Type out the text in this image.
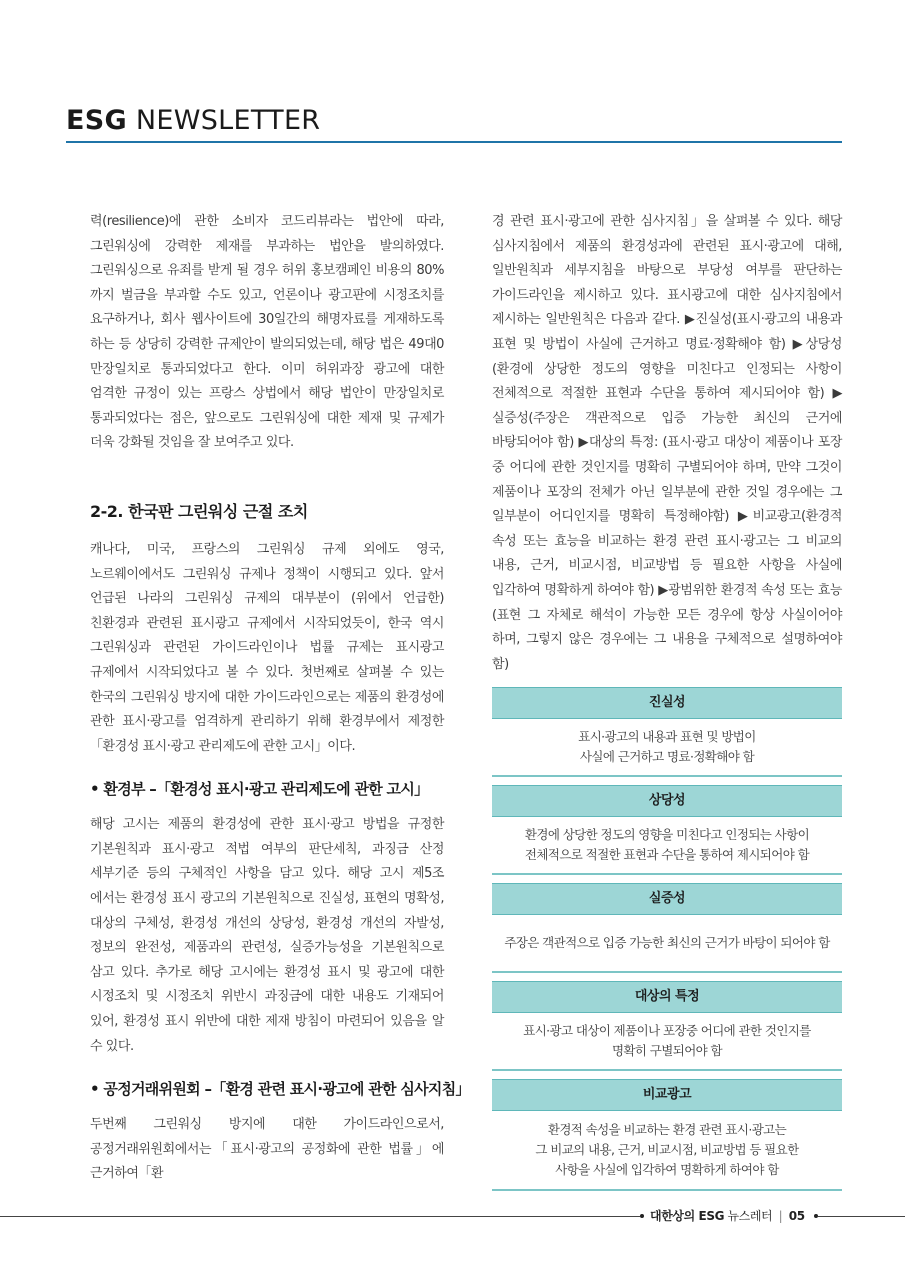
ESG NEWSLETTER

력(resilience)에 관한 소비자 코드리뷰라는 법안에 따라, 그린워싱에 강력한 제재를 부과하는 법안을 발의하였다. 그린워싱으로 유죄를 받게 될 경우 허위 홍보캠페인 비용의 80%까지 벌금을 부과할 수도 있고, 언론이나 광고판에 시정조치를 요구하거나, 회사 웹사이트에 30일간의 해명자료를 게재하도록 하는 등 상당히 강력한 규제안이 발의되었는데, 해당 법은 49대0 만장일치로 통과되었다고 한다. 이미 허위과장 광고에 대한 엄격한 규정이 있는 프랑스 상법에서 해당 법안이 만장일치로 통과되었다는 점은, 앞으로도 그린워싱에 대한 제재 및 규제가 더욱 강화될 것임을 잘 보여주고 있다.

2-2. 한국판 그린워싱 근절 조치

캐나다, 미국, 프랑스의 그린워싱 규제 외에도 영국, 노르웨이에서도 그린워싱 규제나 정책이 시행되고 있다. 앞서 언급된 나라의 그린워싱 규제의 대부분이 (위에서 언급한) 친환경과 관련된 표시광고 규제에서 시작되었듯이, 한국 역시 그린워싱과 관련된 가이드라인이나 법률 규제는 표시광고 규제에서 시작되었다고 볼 수 있다. 첫번째로 살펴볼 수 있는 한국의 그린워싱 방지에 대한 가이드라인으로는 제품의 환경성에 관한 표시·광고를 엄격하게 관리하기 위해 환경부에서 제정한「환경성 표시·광고 관리제도에 관한 고시」이다.

• 환경부 –「환경성 표시·광고 관리제도에 관한 고시」

해당 고시는 제품의 환경성에 관한 표시·광고 방법을 규정한 기본원칙과 표시·광고 적법 여부의 판단세칙, 과징금 산정 세부기준 등의 구체적인 사항을 담고 있다. 해당 고시 제5조 에서는 환경성 표시 광고의 기본원칙으로 진실성, 표현의 명확성, 대상의 구체성, 환경성 개선의 상당성, 환경성 개선의 자발성, 정보의 완전성, 제품과의 관련성, 실증가능성을 기본원칙으로 삼고 있다. 추가로 해당 고시에는 환경성 표시 및 광고에 대한 시정조치 및 시정조치 위반시 과징금에 대한 내용도 기재되어 있어, 환경성 표시 위반에 대한 제재 방침이 마련되어 있음을 알 수 있다.

• 공정거래위원회 –「환경 관련 표시·광고에 관한 심사지침」

두번째 그린워싱 방지에 대한 가이드라인으로서, 공정거래위원회에서는「표시·광고의 공정화에 관한 법률」에 근거하여「환

경 관련 표시·광고에 관한 심사지침」을 살펴볼 수 있다. 해당 심사지침에서 제품의 환경성과에 관련된 표시·광고에 대해, 일반원칙과 세부지침을 바탕으로 부당성 여부를 판단하는 가이드라인을 제시하고 있다. 표시광고에 대한 심사지침에서 제시하는 일반원칙은 다음과 같다. ▶진실성(표시·광고의 내용과 표현 및 방법이 사실에 근거하고 명료·정확해야 함) ▶상당성(환경에 상당한 정도의 영향을 미친다고 인정되는 사항이 전체적으로 적절한 표현과 수단을 통하여 제시되어야 함) ▶실증성(주장은 객관적으로 입증 가능한 최신의 근거에 바탕되어야 함) ▶대상의 특정: (표시·광고 대상이 제품이나 포장 중 어디에 관한 것인지를 명확히 구별되어야 하며, 만약 그것이 제품이나 포장의 전체가 아닌 일부분에 관한 것일 경우에는 그 일부분이 어디인지를 명확히 특정해야함) ▶비교광고(환경적 속성 또는 효능을 비교하는 환경 관련 표시·광고는 그 비교의 내용, 근거, 비교시점, 비교방법 등 필요한 사항을 사실에 입각하여 명확하게 하여야 함) ▶광범위한 환경적 속성 또는 효능(표현 그 자체로 해석이 가능한 모든 경우에 항상 사실이어야 하며, 그렇지 않은 경우에는 그 내용을 구체적으로 설명하여야 함)

진실성
표시·광고의 내용과 표현 및 방법이
사실에 근거하고 명료·정확해야 함
상당성
환경에 상당한 정도의 영향을 미친다고 인정되는 사항이
전체적으로 적절한 표현과 수단을 통하여 제시되어야 함
실증성
주장은 객관적으로 입증 가능한 최신의 근거가 바탕이 되어야 함
대상의 특정
표시·광고 대상이 제품이나 포장중 어디에 관한 것인지를
명확히 구별되어야 함
비교광고
환경적 속성을 비교하는 환경 관련 표시·광고는
그 비교의 내용, 근거, 비교시점, 비교방법 등 필요한
사항을 사실에 입각하여 명확하게 하여야 함
대한상의 ESG 뉴스레터 | 05
